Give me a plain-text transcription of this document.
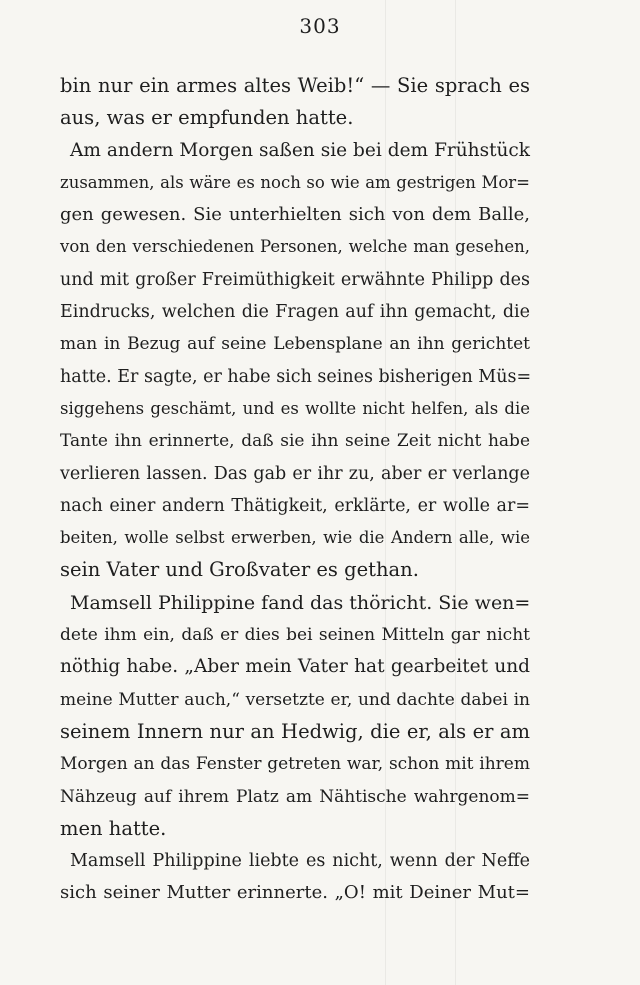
303
bin nur ein armes altes Weib!“ — Sie sprach es
aus, was er empfunden hatte.
Am andern Morgen saßen sie bei dem Frühstück
zusammen, als wäre es noch so wie am gestrigen Mor=
gen gewesen. Sie unterhielten sich von dem Balle,
von den verschiedenen Personen, welche man gesehen,
und mit großer Freimüthigkeit erwähnte Philipp des
Eindrucks, welchen die Fragen auf ihn gemacht, die
man in Bezug auf seine Lebensplane an ihn gerichtet
hatte. Er sagte, er habe sich seines bisherigen Müs=
siggehens geschämt, und es wollte nicht helfen, als die
Tante ihn erinnerte, daß sie ihn seine Zeit nicht habe
verlieren lassen. Das gab er ihr zu, aber er verlange
nach einer andern Thätigkeit, erklärte, er wolle ar=
beiten, wolle selbst erwerben, wie die Andern alle, wie
sein Vater und Großvater es gethan.
Mamsell Philippine fand das thöricht. Sie wen=
dete ihm ein, daß er dies bei seinen Mitteln gar nicht
nöthig habe. „Aber mein Vater hat gearbeitet und
meine Mutter auch,“ versetzte er, und dachte dabei in
seinem Innern nur an Hedwig, die er, als er am
Morgen an das Fenster getreten war, schon mit ihrem
Nähzeug auf ihrem Platz am Nähtische wahrgenom=
men hatte.
Mamsell Philippine liebte es nicht, wenn der Neffe
sich seiner Mutter erinnerte. „O! mit Deiner Mut=
